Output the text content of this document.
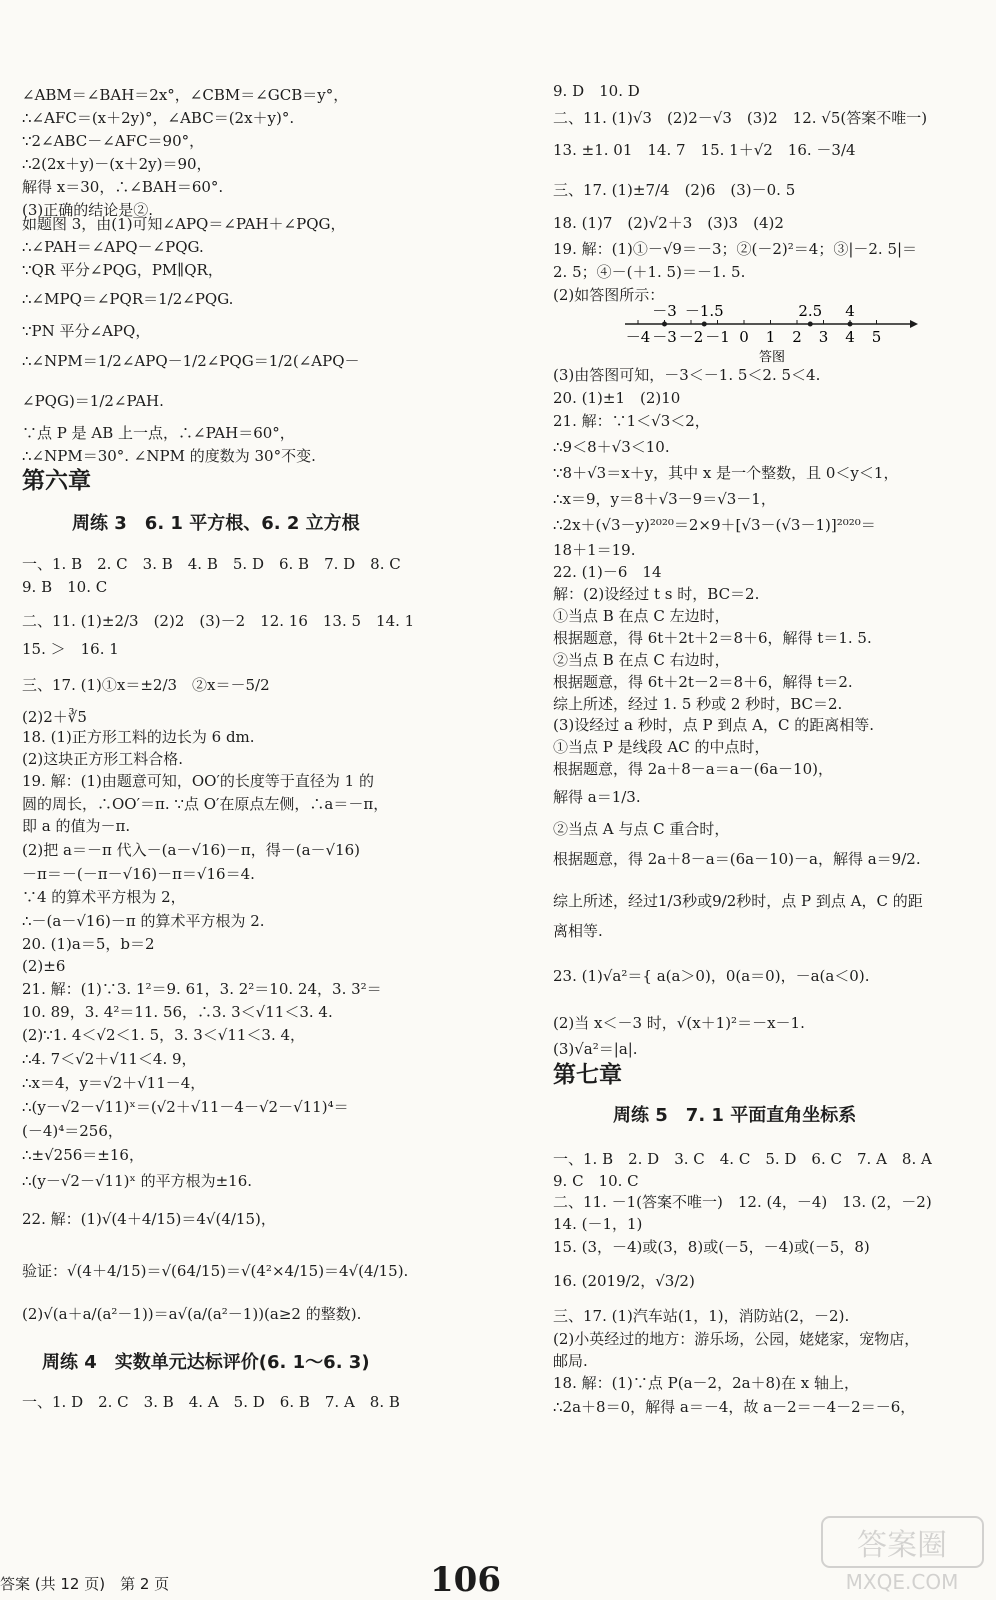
∠ABM＝∠BAH＝2x°，∠CBM＝∠GCB＝y°，
∴∠AFC＝(x＋2y)°，∠ABC＝(2x＋y)°.
∵2∠ABC－∠AFC＝90°，
∴2(2x＋y)－(x＋2y)＝90，
解得 x＝30，∴∠BAH＝60°.
(3)正确的结论是②.
如题图 3，由(1)可知∠APQ＝∠PAH＋∠PQG，
∴∠PAH＝∠APQ－∠PQG.
∵QR 平分∠PQG，PM∥QR，
∴∠MPQ＝∠PQR＝1/2∠PQG.
∵PN 平分∠APQ，
∴∠NPM＝1/2∠APQ－1/2∠PQG＝1/2(∠APQ－
∠PQG)＝1/2∠PAH.
∵点 P 是 AB 上一点，∴∠PAH＝60°，
∴∠NPM＝30°. ∠NPM 的度数为 30°不变.
一、1. B　2. C　3. B　4. B　5. D　6. B　7. D　8. C
9. B　10. C
二、11. (1)±2/3　(2)2　(3)－2　12. 16　13. 5　14. 1
15. ＞　16. 1
三、17. (1)①x＝±2/3　②x＝－5/2
(2)2＋∛5
18. (1)正方形工料的边长为 6 dm.
(2)这块正方形工料合格.
19. 解：(1)由题意可知，OO′的长度等于直径为 1 的
圆的周长，∴OO′＝π. ∵点 O′在原点左侧，∴a＝－π，
即 a 的值为－π.
(2)把 a＝－π 代入－(a－√16)－π，得－(a－√16)
－π＝－(－π－√16)－π＝√16＝4.
∵4 的算术平方根为 2，
∴－(a－√16)－π 的算术平方根为 2.
20. (1)a＝5，b＝2
(2)±6
21. 解：(1)∵3. 1²＝9. 61，3. 2²＝10. 24，3. 3²＝
10. 89，3. 4²＝11. 56，∴3. 3＜√11＜3. 4.
(2)∵1. 4＜√2＜1. 5，3. 3＜√11＜3. 4，
∴4. 7＜√2＋√11＜4. 9，
∴x＝4，y＝√2＋√11－4，
∴(y－√2－√11)ˣ＝(√2＋√11－4－√2－√11)⁴＝
(－4)⁴＝256，
∴±√256＝±16，
∴(y－√2－√11)ˣ 的平方根为±16.
22. 解：(1)√(4＋4/15)＝4√(4/15)，
验证：√(4＋4/15)＝√(64/15)＝√(4²×4/15)＝4√(4/15).
(2)√(a＋a/(a²－1))＝a√(a/(a²－1))(a≥2 的整数).
一、1. D　2. C　3. B　4. A　5. D　6. B　7. A　8. B
第六章
周练 3　6. 1 平方根、6. 2 立方根
周练 4　实数单元达标评价(6. 1～6. 3)
9. D　10. D
二、11. (1)√3　(2)2－√3　(3)2　12. √5(答案不唯一)
13. ±1. 01　14. 7　15. 1＋√2　16. －3/4
三、17. (1)±7/4　(2)6　(3)－0. 5
18. (1)7　(2)√2＋3　(3)3　(4)2
19. 解：(1)①－√9＝－3；②(－2)²＝4；③|－2. 5|＝
2. 5；④－(＋1. 5)＝－1. 5.
(2)如答图所示：
(3)由答图可知，－3＜－1. 5＜2. 5＜4.
20. (1)±1　(2)10
21. 解：∵1＜√3＜2，
∴9＜8＋√3＜10.
∵8＋√3＝x＋y，其中 x 是一个整数，且 0＜y＜1，
∴x＝9，y＝8＋√3－9＝√3－1，
∴2x＋(√3－y)²⁰²⁰＝2×9＋[√3－(√3－1)]²⁰²⁰＝
18＋1＝19.
22. (1)－6　14
解：(2)设经过 t s 时，BC＝2.
①当点 B 在点 C 左边时，
根据题意，得 6t＋2t＋2＝8＋6，解得 t＝1. 5.
②当点 B 在点 C 右边时，
根据题意，得 6t＋2t－2＝8＋6，解得 t＝2.
综上所述，经过 1. 5 秒或 2 秒时，BC＝2.
(3)设经过 a 秒时，点 P 到点 A，C 的距离相等.
①当点 P 是线段 AC 的中点时，
根据题意，得 2a＋8－a＝a－(6a－10)，
解得 a＝1/3.
②当点 A 与点 C 重合时，
根据题意，得 2a＋8－a＝(6a－10)－a，解得 a＝9/2.
综上所述，经过1/3秒或9/2秒时，点 P 到点 A，C 的距
离相等.
23. (1)√a²＝{ a(a＞0)，0(a＝0)，－a(a＜0).
(2)当 x＜－3 时，√(x＋1)²＝－x－1.
(3)√a²＝|a|.
一、1. B　2. D　3. C　4. C　5. D　6. C　7. A　8. A
9. C　10. C
二、11. －1(答案不唯一)　12. (4，－4)　13. (2，－2)
14. (－1，1)
15. (3，－4)或(3，8)或(－5，－4)或(－5，8)
16. (2019/2，√3/2)
三、17. (1)汽车站(1，1)，消防站(2，－2).
(2)小英经过的地方：游乐场，公园，姥姥家，宠物店，
邮局.
18. 解：(1)∵点 P(a－2，2a＋8)在 x 轴上，
∴2a＋8＝0，解得 a＝－4，故 a－2＝－4－2＝－6，
第七章
周练 5　7. 1 平面直角坐标系
－4 －3 －2 －1 0 1 2 3 4 5
－3 －1.5	2.5 4
答图
答案 (共 12 页)　第 2 页	106
答案圈
MXQE.COM
